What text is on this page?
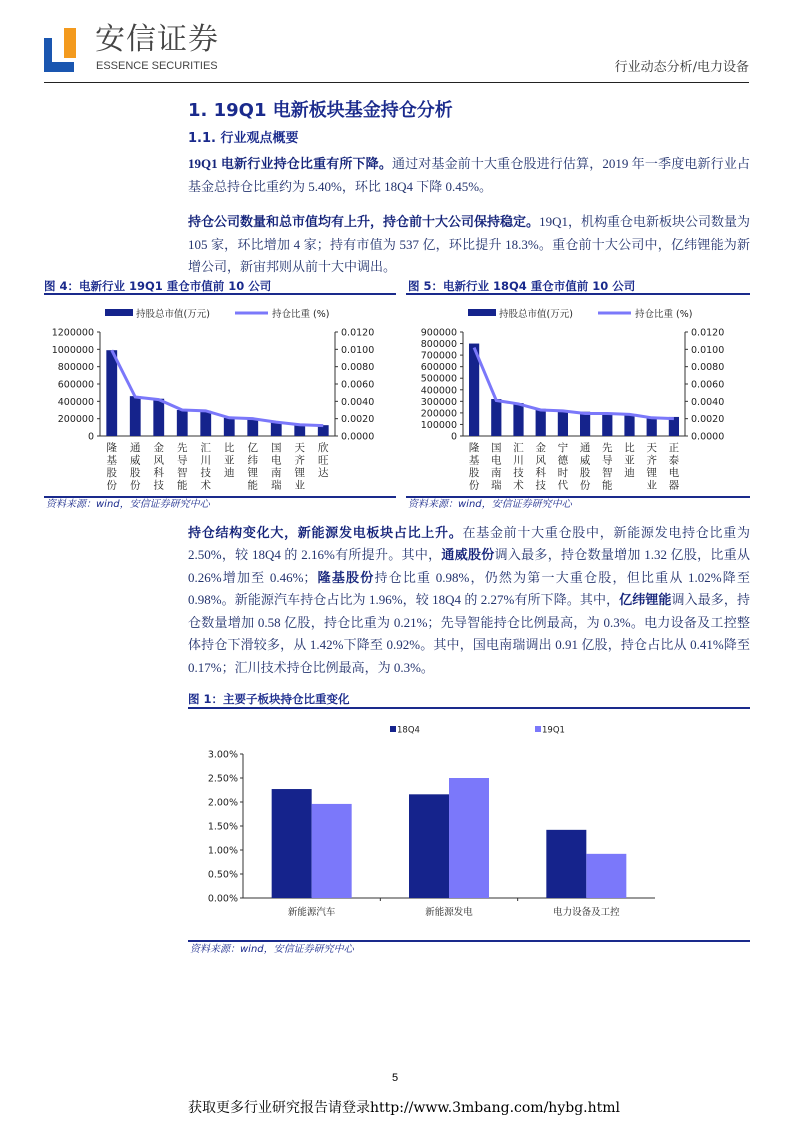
安信证券
ESSENCE SECURITIES	行业动态分析/电力设备
1. 19Q1 电新板块基金持仓分析
1.1. 行业观点概要
19Q1 电新行业持仓比重有所下降。通过对基金前十大重仓股进行估算，2019 年一季度电新行业占基金总持仓比重约为 5.40%，环比 18Q4 下降 0.45%。
持仓公司数量和总市值均有上升，持仓前十大公司保持稳定。19Q1，机构重仓电新板块公司数量为 105 家，环比增加 4 家；持有市值为 537 亿，环比提升 18.3%。重仓前十大公司中，亿纬锂能为新增公司，新宙邦则从前十大中调出。
图 4：电新行业 19Q1 重仓市值前 10 公司	图 5：电新行业 18Q4 重仓市值前 10 公司
持股总市值(万元)	持仓比重 (%)
1200000
1000000
800000
600000
400000
200000
0
0.0120
0.0100
0.0080
0.0060
0.0040
0.0020
0.0000
隆
基
股
份
通
威
股
份
金
风
科
技
先
导
智
能
汇
川
技
术
比
亚
迪
亿
纬
锂
能
国
电
南
瑞
天
齐
锂
业
欣
旺
达
持股总市值(万元)	持仓比重 (%)
900000
800000
700000
600000
500000
400000
300000
200000
100000
0
0.0120
0.0100
0.0080
0.0060
0.0040
0.0020
0.0000
隆
基
股
份
国
电
南
瑞
汇
川
技
术
金
风
科
技
宁
德
时
代
通
威
股
份
先
导
智
能
比
亚
迪
天
齐
锂
业
正
泰
电
器
资料来源：wind，安信证券研究中心	资料来源：wind，安信证券研究中心
持仓结构变化大，新能源发电板块占比上升。在基金前十大重仓股中，新能源发电持仓比重为 2.50%，较 18Q4 的 2.16%有所提升。其中，通威股份调入最多，持仓数量增加 1.32 亿股，比重从 0.26%增加至 0.46%；隆基股份持仓比重 0.98%，仍然为第一大重仓股，但比重从 1.02%降至 0.98%。新能源汽车持仓占比为 1.96%，较 18Q4 的 2.27%有所下降。其中，亿纬锂能调入最多，持仓数量增加 0.58 亿股，持仓比重为 0.21%；先导智能持仓比例最高，为 0.3%。电力设备及工控整体持仓下滑较多，从 1.42%下降至 0.92%。其中，国电南瑞调出 0.91 亿股，持仓占比从 0.41%降至 0.17%；汇川技术持仓比例最高，为 0.3%。
图 1：主要子板块持仓比重变化
18Q4	19Q1
3.00%
2.50%
2.00%
1.50%
1.00%
0.50%
0.00%
新能源汽车	新能源发电	电力设备及工控
资料来源：wind，安信证券研究中心
5
获取更多行业研究报告请登录http://www.3mbang.com/hybg.html
